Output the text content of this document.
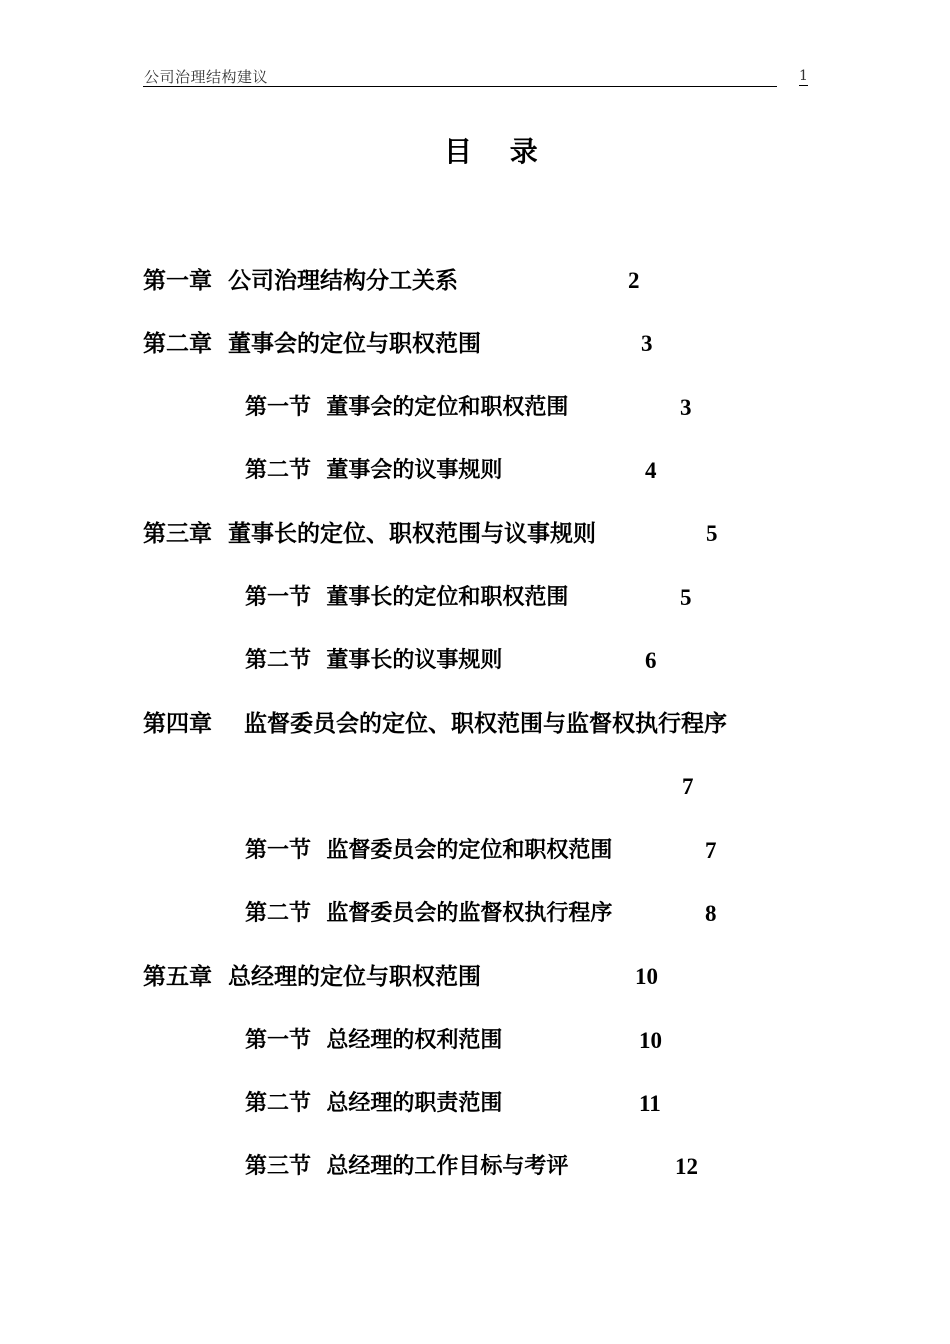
公司治理结构建议	1
目 录
第一章  公司治理结构分工关系	2
第二章  董事会的定位与职权范围	3
第一节  董事会的定位和职权范围	3
第二节  董事会的议事规则	4
第三章  董事长的定位、职权范围与议事规则	5
第一节  董事长的定位和职权范围	5
第二节  董事长的议事规则	6
第四章    监督委员会的定位、职权范围与监督权执行程序
7
第一节  监督委员会的定位和职权范围	7
第二节  监督委员会的监督权执行程序	8
第五章  总经理的定位与职权范围	10
第一节  总经理的权利范围	10
第二节  总经理的职责范围	11
第三节  总经理的工作目标与考评	12
